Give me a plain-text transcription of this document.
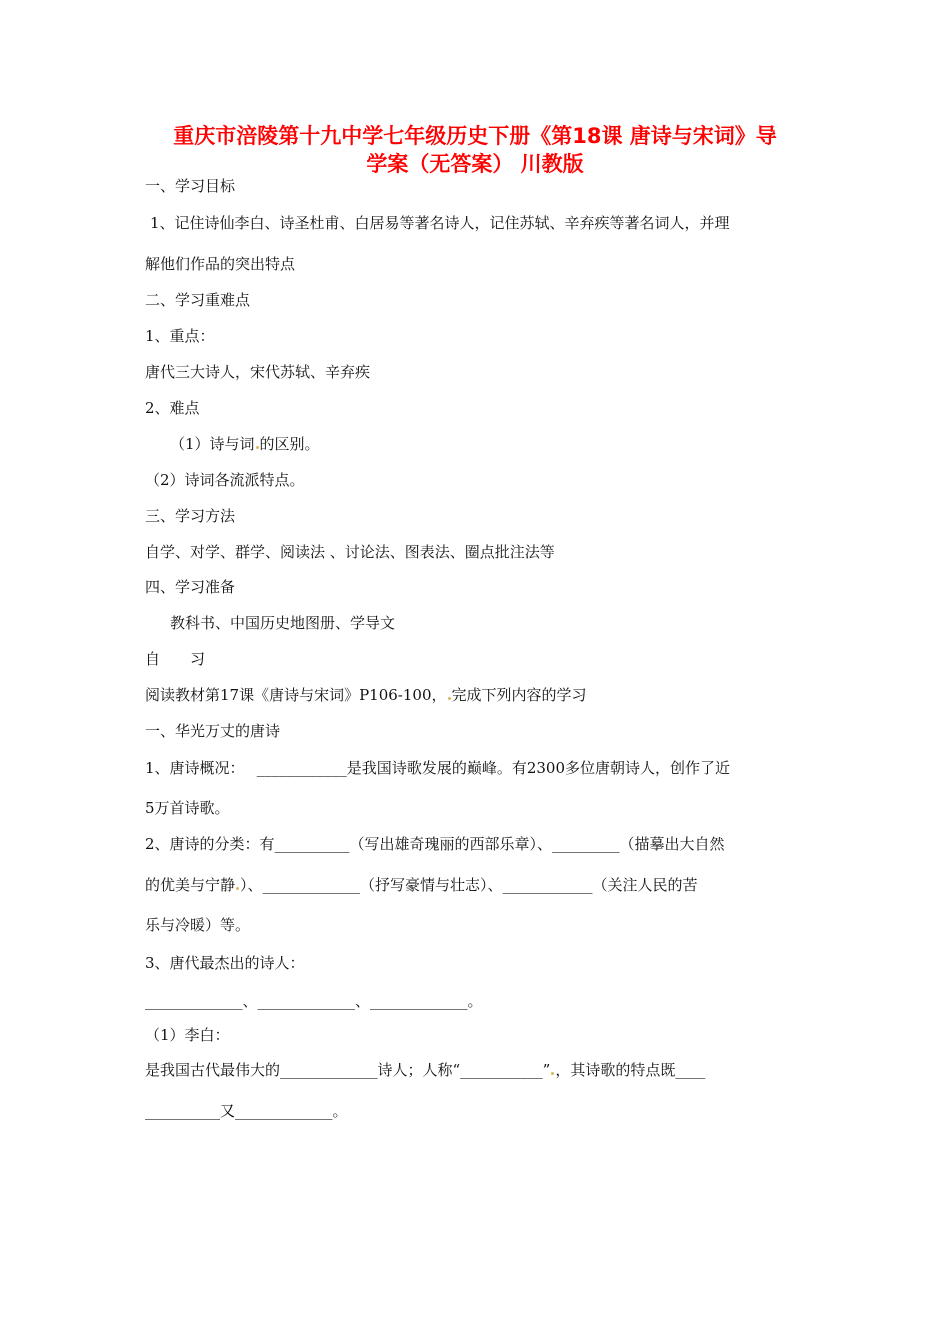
重庆市涪陵第十九中学七年级历史下册《第18课 唐诗与宋词》导
学案（无答案） 川教版
一、学习目标
1、记住诗仙李白、诗圣杜甫、白居易等著名诗人，记住苏轼、辛弃疾等著名词人，并理
解他们作品的突出特点
二、学习重难点
1、重点：
唐代三大诗人，宋代苏轼、辛弃疾
2、难点
（1）诗与词 的区别。
（2）诗词各流派特点。
三、学习方法
自学、对学、群学、阅读法 、讨论法、图表法、圈点批注法等
四、学习准备
教科书、中国历史地图册、学导文
自　　习
阅读教材第17课《唐诗与宋词》P106-100， 完成下列内容的学习
一、华光万丈的唐诗
1、唐诗概况：　 ____________是我国诗歌发展的巅峰。有2300多位唐朝诗人，创作了近
5万首诗歌。
2、唐诗的分类：有__________（写出雄奇瑰丽的西部乐章）、_________（描摹出大自然
的优美与宁静 ）、_____________（抒写豪情与壮志）、____________（关注人民的苦
乐与冷暖）等。
3、唐代最杰出的诗人：
_____________、_____________、_____________。
（1）李白：
是我国古代最伟大的_____________诗人；人称“___________” ，其诗歌的特点既____
__________又_____________。
